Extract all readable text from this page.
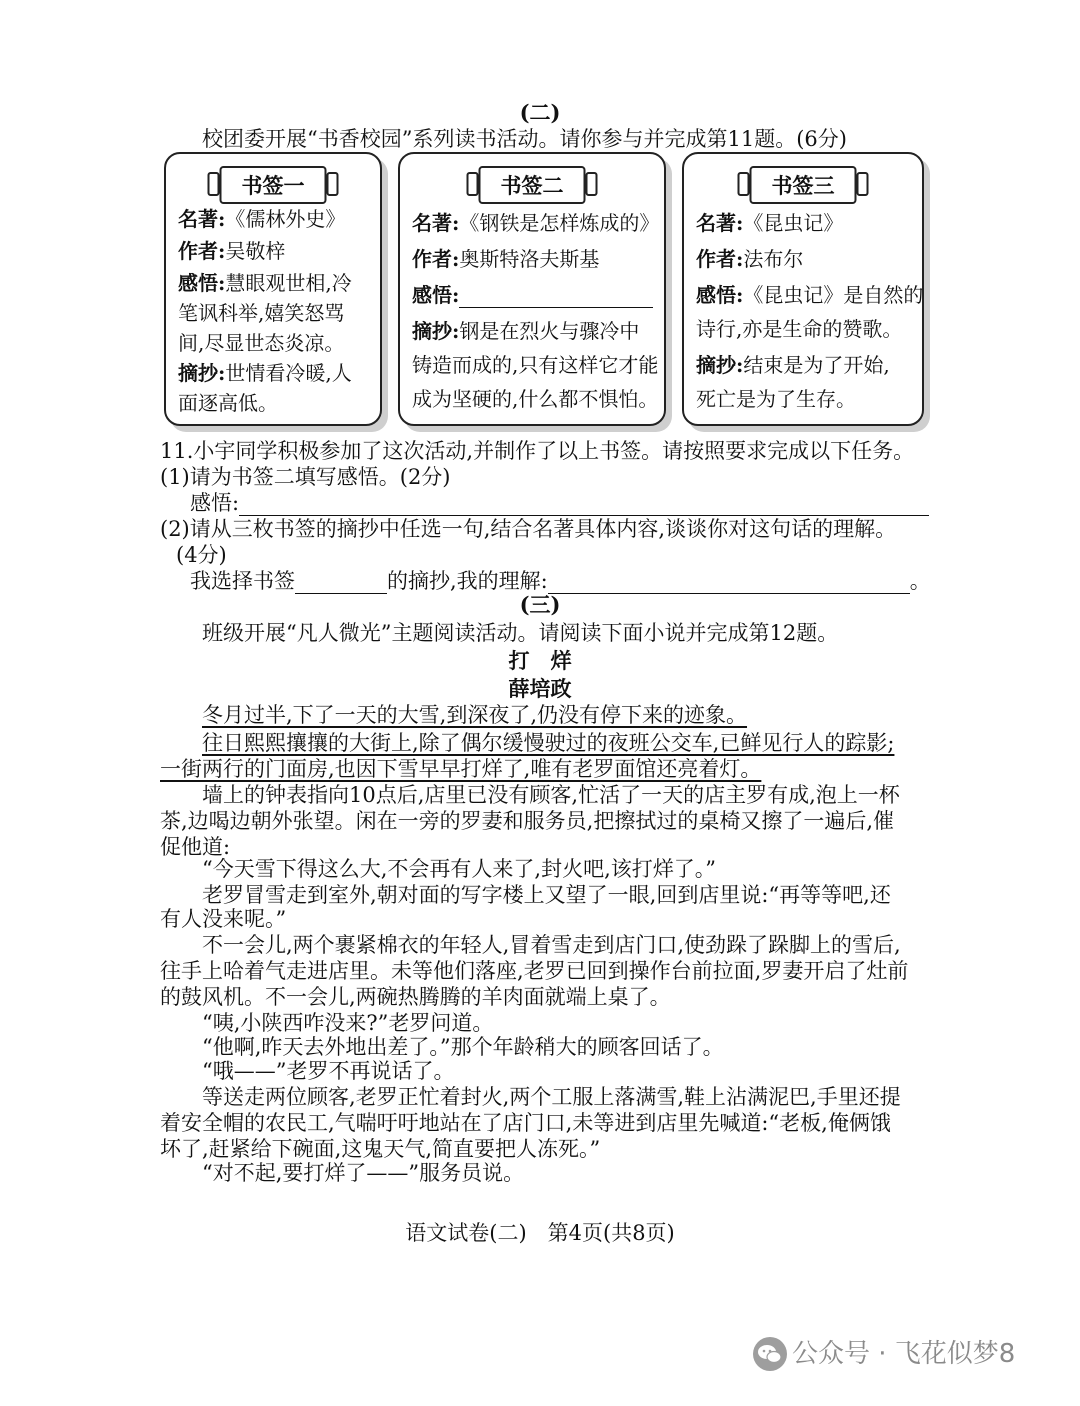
(二)
校团委开展“书香校园”系列读书活动。请你参与并完成第11题。(6分)
书签一
名著:《儒林外史》
作者:吴敬梓
感悟:慧眼观世相,冷
笔讽科举,嬉笑怒骂
间,尽显世态炎凉。
摘抄:世情看冷暖,人
面逐高低。
书签二
名著:《钢铁是怎样炼成的》
作者:奥斯特洛夫斯基
感悟:
摘抄:钢是在烈火与骤冷中
铸造而成的,只有这样它才能
成为坚硬的,什么都不惧怕。
书签三
名著:《昆虫记》
作者:法布尔
感悟:《昆虫记》是自然的
诗行,亦是生命的赞歌。
摘抄:结束是为了开始,
死亡是为了生存。
11.小宇同学积极参加了这次活动,并制作了以上书签。请按照要求完成以下任务。
(1)请为书签二填写感悟。(2分)
感悟:
(2)请从三枚书签的摘抄中任选一句,结合名著具体内容,谈谈你对这句话的理解。
(4分)
我选择书签	的摘抄,我的理解:	。
(三)
班级开展“凡人微光”主题阅读活动。请阅读下面小说并完成第12题。
打　烊
薛培政
冬月过半,下了一天的大雪,到深夜了,仍没有停下来的迹象。
往日熙熙攘攘的大街上,除了偶尔缓慢驶过的夜班公交车,已鲜见行人的踪影;
一街两行的门面房,也因下雪早早打烊了,唯有老罗面馆还亮着灯。
墙上的钟表指向10点后,店里已没有顾客,忙活了一天的店主罗有成,泡上一杯
茶,边喝边朝外张望。闲在一旁的罗妻和服务员,把擦拭过的桌椅又擦了一遍后,催
促他道:
“今天雪下得这么大,不会再有人来了,封火吧,该打烊了。”
老罗冒雪走到室外,朝对面的写字楼上又望了一眼,回到店里说:“再等等吧,还
有人没来呢。”
不一会儿,两个裹紧棉衣的年轻人,冒着雪走到店门口,使劲跺了跺脚上的雪后,
往手上哈着气走进店里。未等他们落座,老罗已回到操作台前拉面,罗妻开启了灶前
的鼓风机。不一会儿,两碗热腾腾的羊肉面就端上桌了。
“咦,小陕西咋没来?”老罗问道。
“他啊,昨天去外地出差了。”那个年龄稍大的顾客回话了。
“哦——”老罗不再说话了。
等送走两位顾客,老罗正忙着封火,两个工服上落满雪,鞋上沾满泥巴,手里还提
着安全帽的农民工,气喘吁吁地站在了店门口,未等进到店里先喊道:“老板,俺俩饿
坏了,赶紧给下碗面,这鬼天气,简直要把人冻死。”
“对不起,要打烊了——”服务员说。
语文试卷(二)　第4页(共8页)
公众号 · 飞花似梦8
